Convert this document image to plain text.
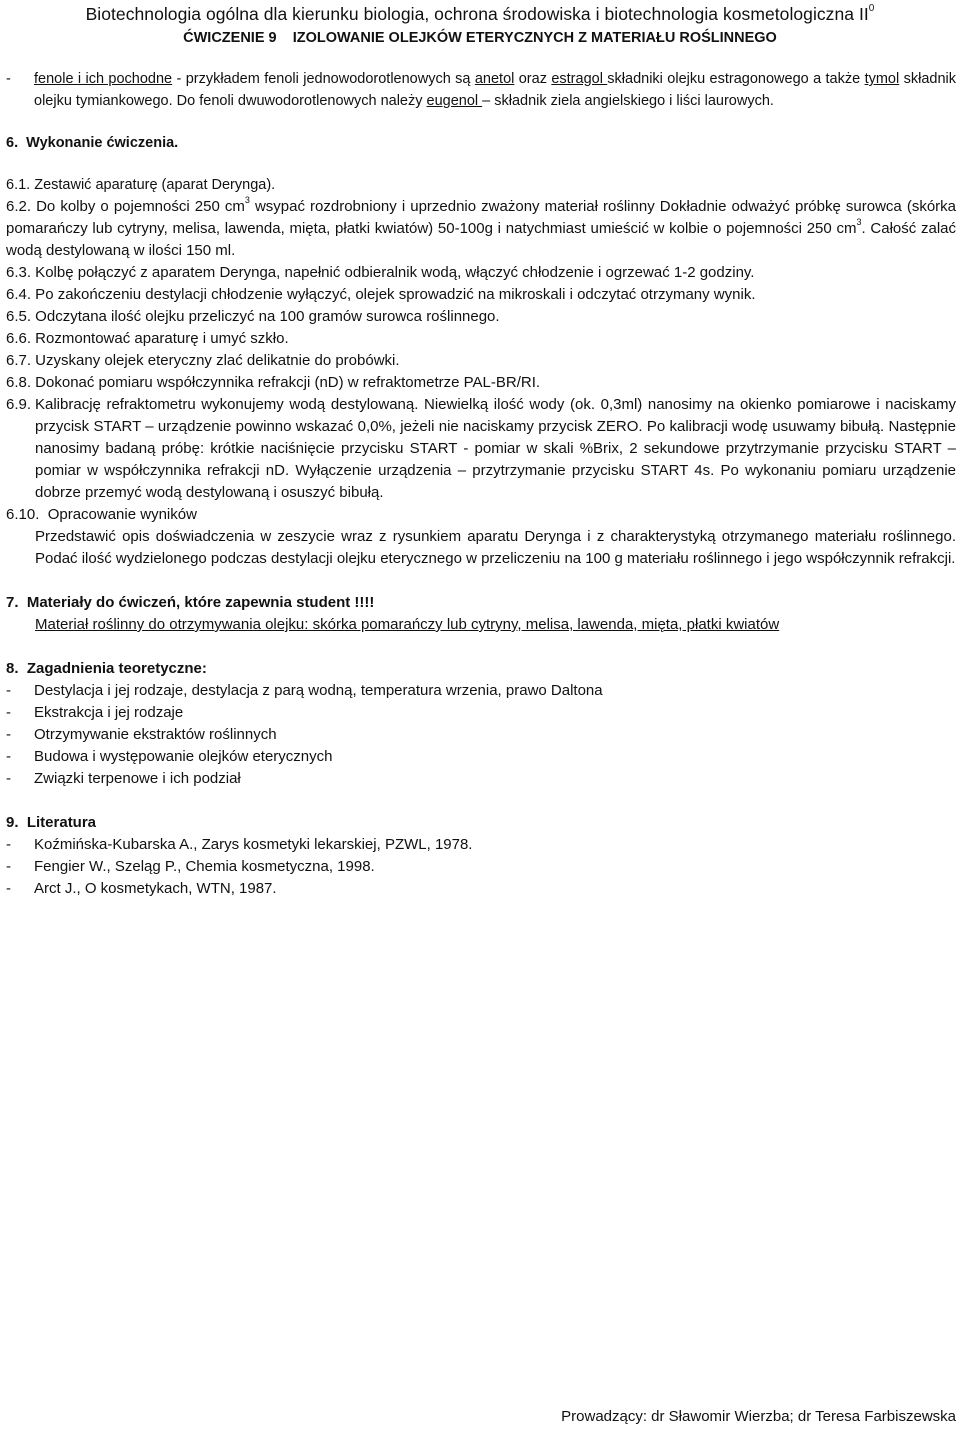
Biotechnologia ogólna dla kierunku biologia, ochrona środowiska i biotechnologia kosmetologiczna $II^0$
ĆWICZENIE 9    IZOLOWANIE OLEJKÓW ETERYCZNYCH Z MATERIAŁU ROŚLINNEGO
-	fenole i ich pochodne - przykładem fenoli jednowodorotlenowych są anetol oraz estragol składniki olejku estragonowego a także tymol składnik olejku tymiankowego. Do fenoli dwuwodorotlenowych należy eugenol – składnik ziela angielskiego i liści laurowych.
6.  Wykonanie ćwiczenia.
6.1. Zestawić aparaturę (aparat Derynga).
6.2. Do kolby o pojemności 250 $cm^3$ wsypać rozdrobniony i uprzednio zważony materiał roślinny Dokładnie odważyć próbkę surowca (skórka pomarańczy lub cytryny, melisa, lawenda, mięta, płatki kwiatów) 50-100g i natychmiast umieścić w kolbie o pojemności 250 $cm^3$. Całość zalać wodą destylowaną w ilości 150 ml.
6.3. Kolbę połączyć z aparatem Derynga, napełnić odbieralnik wodą, włączyć chłodzenie i ogrzewać 1-2 godziny.
6.4. Po zakończeniu destylacji chłodzenie wyłączyć, olejek sprowadzić na mikroskali i odczytać otrzymany wynik.
6.5. Odczytana ilość olejku przeliczyć na 100 gramów surowca roślinnego.
6.6. Rozmontować aparaturę i umyć szkło.
6.7. Uzyskany olejek eteryczny zlać delikatnie do probówki.
6.8. Dokonać pomiaru współczynnika refrakcji (nD) w refraktometrze PAL-BR/RI.
6.9. Kalibrację refraktometru wykonujemy wodą destylowaną. Niewielką ilość wody (ok. 0,3ml) nanosimy na okienko pomiarowe i naciskamy przycisk START – urządzenie powinno wskazać 0,0%, jeżeli nie naciskamy przycisk ZERO. Po kalibracji wodę usuwamy bibułą. Następnie nanosimy badaną próbę: krótkie naciśnięcie przycisku START - pomiar w skali %Brix, 2 sekundowe przytrzymanie przycisku START – pomiar w współczynnika refrakcji nD. Wyłączenie urządzenia – przytrzymanie przycisku START 4s. Po wykonaniu pomiaru urządzenie dobrze przemyć wodą destylowaną i osuszyć bibułą.
6.10.  Opracowanie wyników
Przedstawić opis doświadczenia w zeszycie wraz z rysunkiem aparatu Derynga i z charakterystyką otrzymanego materiału roślinnego. Podać ilość wydzielonego podczas destylacji olejku eterycznego w przeliczeniu na 100 g materiału roślinnego i jego współczynnik refrakcji.
7.  Materiały do ćwiczeń, które zapewnia student !!!!
Materiał roślinny do otrzymywania olejku: skórka pomarańczy lub cytryny, melisa, lawenda, mięta, płatki kwiatów
8.  Zagadnienia teoretyczne:
-	Destylacja i jej rodzaje, destylacja z parą wodną, temperatura wrzenia, prawo Daltona
-	Ekstrakcja i jej rodzaje
-	Otrzymywanie ekstraktów roślinnych
-	Budowa i występowanie olejków eterycznych
-	Związki terpenowe i ich podział
9.  Literatura
-	Koźmińska-Kubarska A., Zarys kosmetyki lekarskiej, PZWL, 1978.
-	Fengier W., Szeląg P., Chemia kosmetyczna, 1998.
-	Arct J., O kosmetykach, WTN, 1987.
Prowadzący: dr Sławomir Wierzba; dr Teresa Farbiszewska
